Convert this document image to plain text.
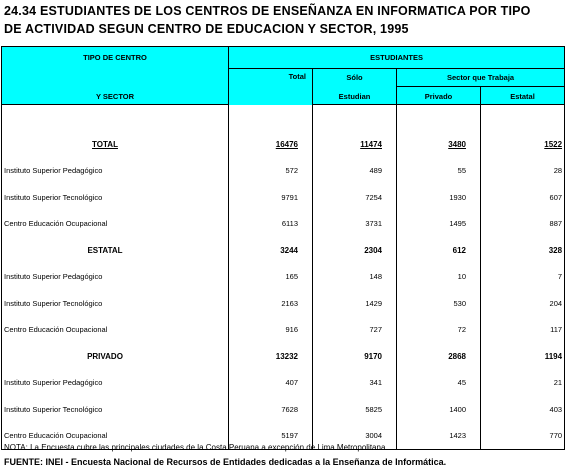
24.34 ESTUDIANTES DE LOS CENTROS DE ENSEÑANZA EN INFORMATICA POR TIPO
DE ACTIVIDAD SEGUN CENTRO DE EDUCACION Y SECTOR, 1995
TIPO DE CENTRO	ESTUDIANTES			
	Total	Sólo	Sector que Trabaja	
Y SECTOR		Estudian	Privado	Estatal

TOTAL	16476	11474	3480	1522
Instituto Superior Pedagógico	572	489	55	28
Instituto Superior Tecnológico	9791	7254	1930	607
Centro Educación Ocupacional	6113	3731	1495	887
ESTATAL	3244	2304	612	328
Instituto Superior Pedagógico	165	148	10	7
Instituto Superior Tecnológico	2163	1429	530	204
Centro Educación Ocupacional	916	727	72	117
PRIVADO	13232	9170	2868	1194
Instituto Superior Pedagógico	407	341	45	21
Instituto Superior Tecnológico	7628	5825	1400	403
Centro Educación Ocupacional	5197	3004	1423	770
NOTA: La Encuesta cubre las principales ciudades de la Costa Peruana a excepción de Lima Metropolitana.
FUENTE: INEI - Encuesta Nacional de Recursos de Entidades dedicadas a la Enseñanza de Informática.
